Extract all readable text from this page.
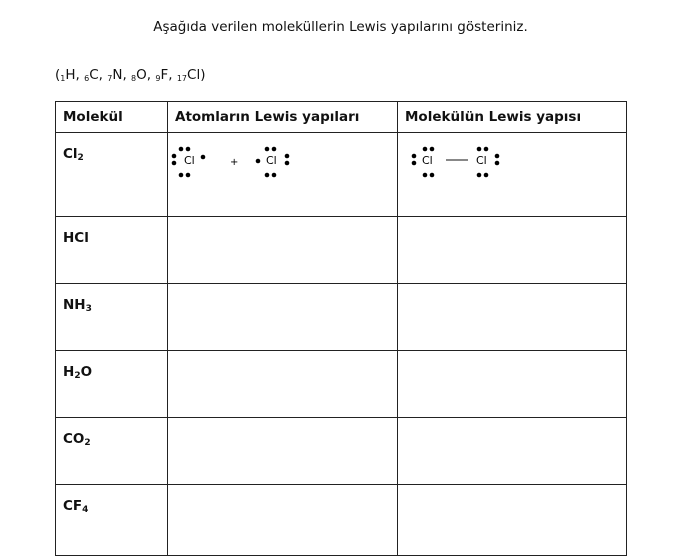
Aşağıda verilen moleküllerin Lewis yapılarını gösteriniz.
($_1H$, $_6$C, $_7$N, $_8$O, $_9$F, $_{17}$Cl)
Molekül	Atomların Lewis yapıları	Molekülün Lewis yapısı
$Cl_2$	Cl + Cl	Cl Cl

HCl		
$NH_3$		
$H_2O$		
$CO_2$		
$CF_4$		
